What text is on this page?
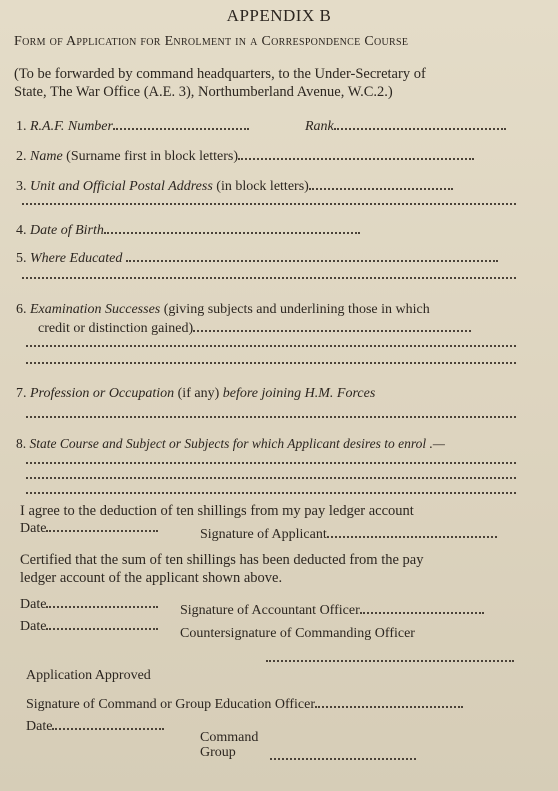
APPENDIX B
Form of Application for Enrolment in a Correspondence Course
(To be forwarded by command headquarters, to the Under-Secretary of
State, The War Office (A.E. 3), Northumberland Avenue, W.C.2.)
1. R.A.F. Number	Rank
2. Name (Surname first in block letters)
3. Unit and Official Postal Address (in block letters)
4. Date of Birth
5. Where Educated
6. Examination Successes (giving subjects and underlining those in which
credit or distinction gained)
7. Profession or Occupation (if any) before joining H.M. Forces
8. State Course and Subject or Subjects for which Applicant desires to enrol .—
I agree to the deduction of ten shillings from my pay ledger account
Date	Signature of Applicant
Certified that the sum of ten shillings has been deducted from the pay
ledger account of the applicant shown above.
Date	Signature of Accountant Officer
Date	Countersignature of Commanding Officer
Application Approved
Signature of Command or Group Education Officer
Date
Command
Group
